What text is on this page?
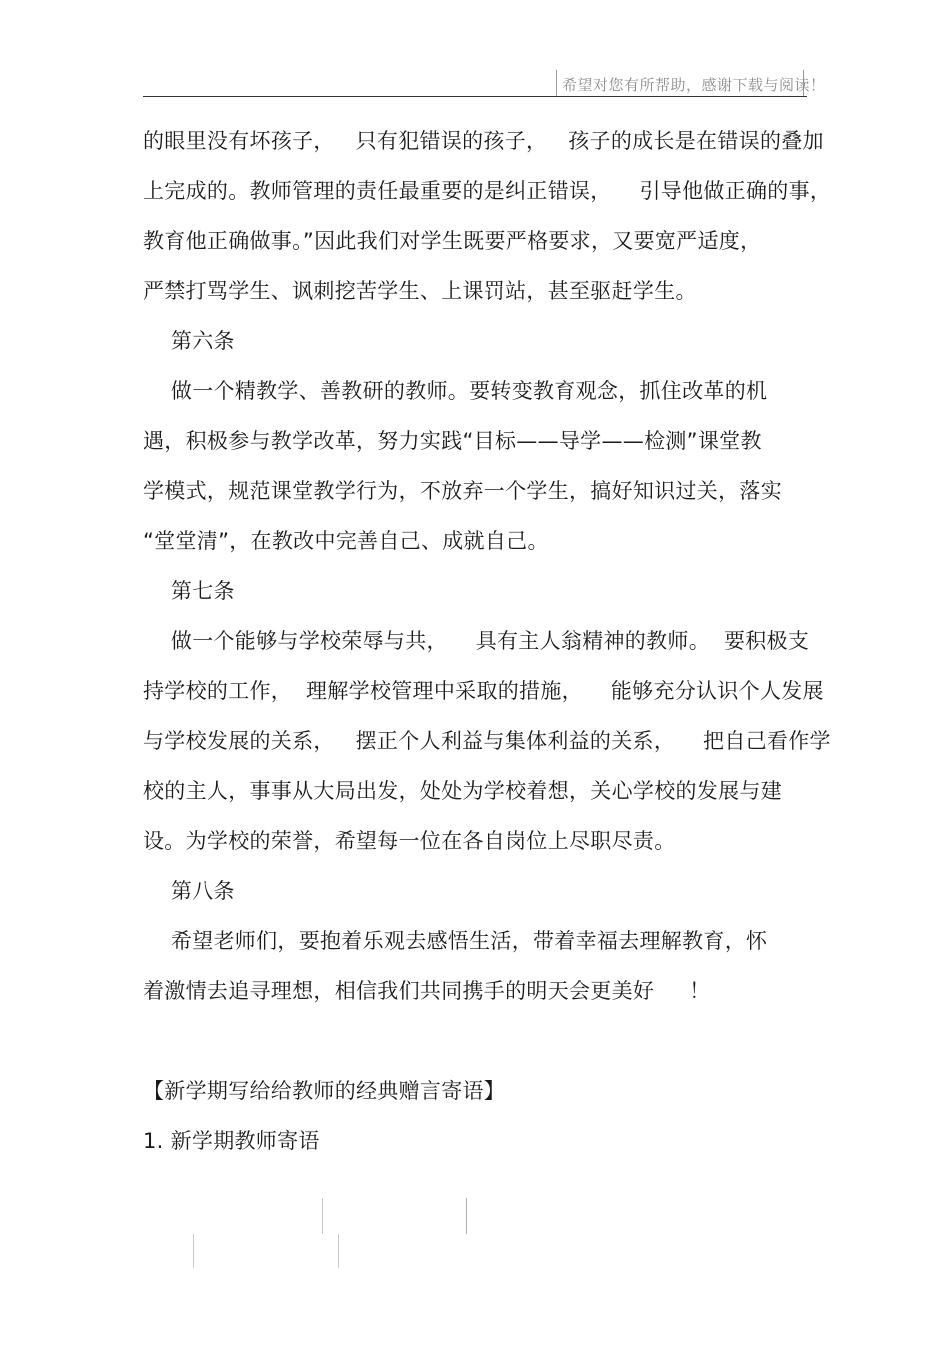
希望对您有所帮助，感谢下载与阅读！
的眼里没有坏孩子，   只有犯错误的孩子，   孩子的成长是在错误的叠加
上完成的。教师管理的责任最重要的是纠正错误，    引导他做正确的事，
教育他正确做事。”因此我们对学生既要严格要求，又要宽严适度，
严禁打骂学生、讽刺挖苦学生、上课罚站，甚至驱赶学生。
第六条
做一个精教学、善教研的教师。要转变教育观念，抓住改革的机
遇，积极参与教学改革，努力实践“目标——导学——检测”课堂教
学模式，规范课堂教学行为，不放弃一个学生，搞好知识过关，落实
“堂堂清”，在教改中完善自己、成就自己。
第七条
做一个能够与学校荣辱与共，    具有主人翁精神的教师。  要积极支
持学校的工作，  理解学校管理中采取的措施，    能够充分认识个人发展
与学校发展的关系，   摆正个人利益与集体利益的关系，    把自己看作学
校的主人，事事从大局出发，处处为学校着想，关心学校的发展与建
设。为学校的荣誉，希望每一位在各自岗位上尽职尽责。
第八条
希望老师们，要抱着乐观去感悟生活，带着幸福去理解教育，怀
着激情去追寻理想，相信我们共同携手的明天会更美好     ！
【新学期写给给教师的经典赠言寄语】
1. 新学期教师寄语
